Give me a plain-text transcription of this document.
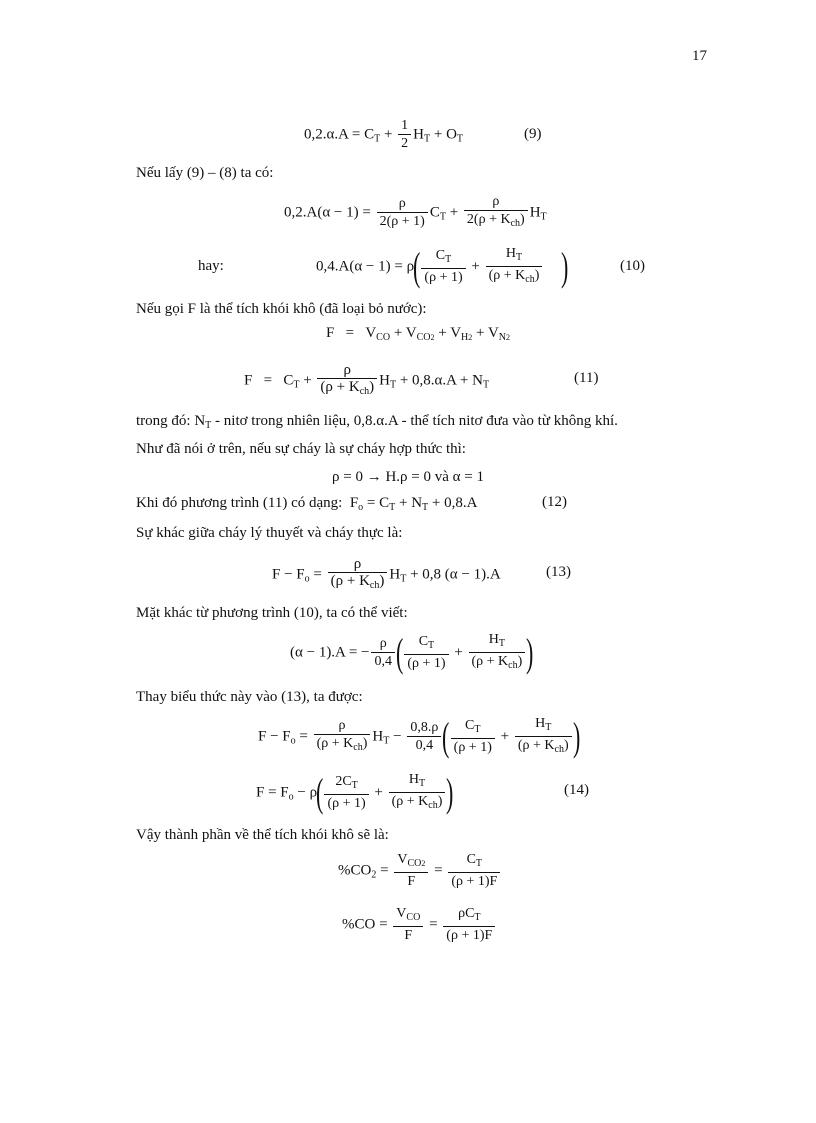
17
$0,2.\alpha.A = C_T + \frac{1}{2} H_T + O_T$	(9)
Nếu lấy (9) – (8) ta có:
$0,2.A(\alpha - 1) = \frac{\rho}{2(\rho + 1)} C_T + \frac{\rho}{2(\rho + K_{ch})} H_T$
hay:	$0,4.A(\alpha - 1) = \rho( \frac{C_T}{(\rho + 1)} + \frac{H_T}{(\rho + K_{ch})}$ )	(10)
Nếu gọi F là thể tích khói khô (đã loại bỏ nước):
$F = V_{CO} + V_{CO2} + V_{H2} + V_{N2}$
$F = C_T + \frac{\rho}{(\rho + K_{ch})} H_T + 0,8.\alpha.A + N_T$	(11)
trong đó: $N_T$ - nitơ trong nhiên liệu, 0,8.α.A - thể tích nitơ đưa vào từ không khí.
Như đã nói ở trên, nếu sự cháy là sự cháy hợp thức thì:
ρ = 0 → H.ρ = 0 và α = 1
Khi đó phương trình (11) có dạng: $F_o = C_T + N_T + 0,8.A$	(12)
Sự khác giữa cháy lý thuyết và cháy thực là:
$F - F_o = \frac{\rho}{(\rho + K_{ch})} H_T + 0,8$ (α − 1).A	(13)
Mặt khác từ phương trình (10), ta có thể viết:
(α − 1).A = − $\frac{\rho}{0,4}$ ( $\frac{C_T}{(\rho + 1)} + \frac{H_T}{(\rho + K_{ch})}$ )
Thay biểu thức này vào (13), ta được:
$F - F_o = \frac{\rho}{(\rho + K_{ch})} H_T - \frac{0,8.\rho}{0,4}$ ( $\frac{C_T}{(\rho + 1)} + \frac{H_T}{(\rho + K_{ch})}$ )
$F = F_o - \rho( \frac{2C_T}{(\rho + 1)} + \frac{H_T}{(\rho + K_{ch})}$ )	(14)
Vậy thành phần về thể tích khói khô sẽ là:
$\%CO_2 = \frac{V_{CO2}}{F} = \frac{C_T}{(\rho + 1)F}$
$\%CO = \frac{V_{CO}}{F} = \frac{\rho C_T}{(\rho + 1)F}$
